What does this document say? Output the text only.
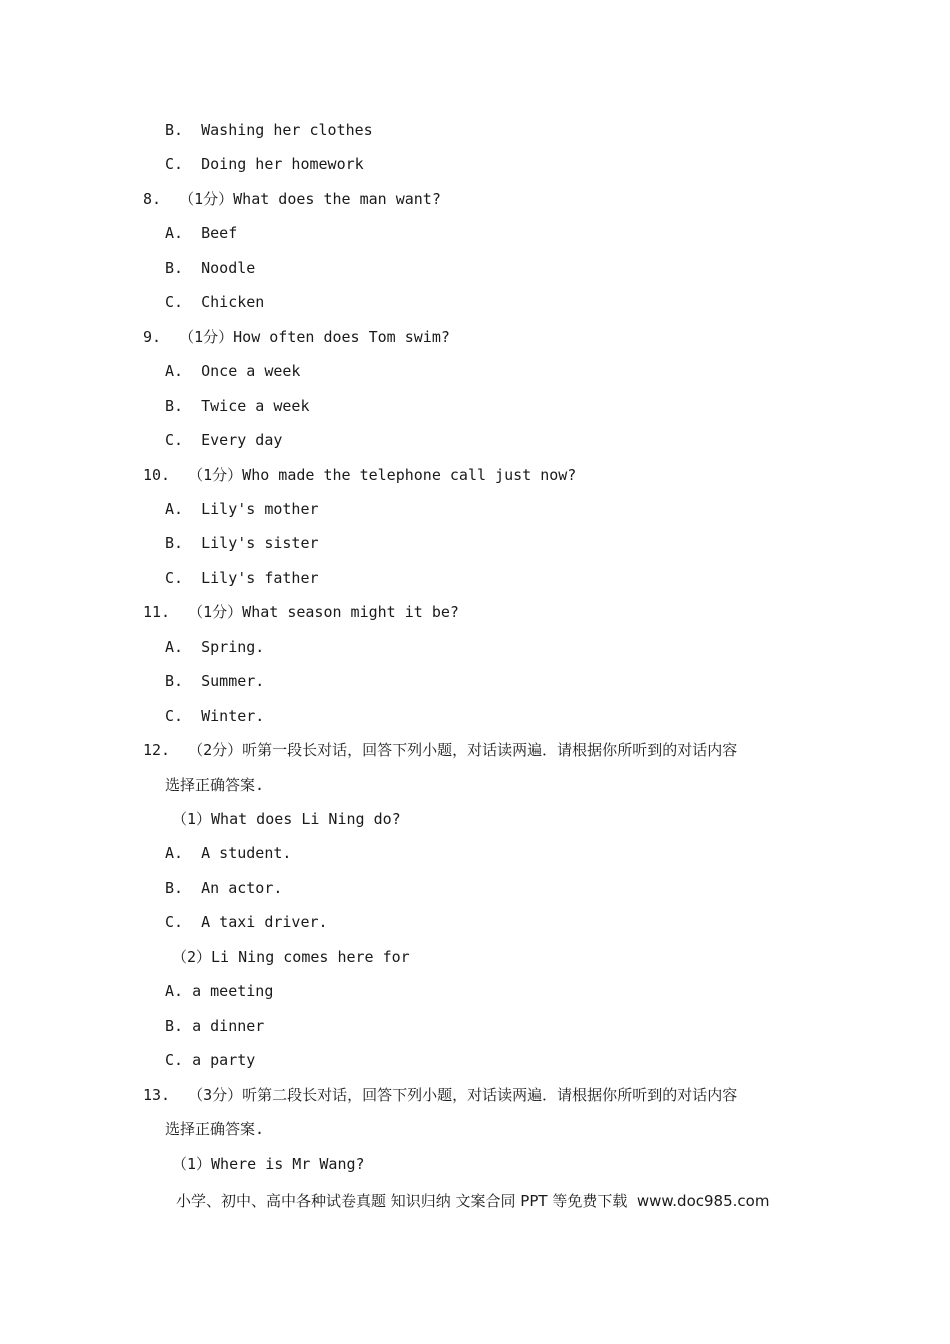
B.  Washing her clothes
C.  Doing her homework
8.  （1分）What does the man want?
A.  Beef
B.  Noodle
C.  Chicken
9.  （1分）How often does Tom swim?
A.  Once a week
B.  Twice a week
C.  Every day
10.  （1分）Who made the telephone call just now?
A.  Lily's mother
B.  Lily's sister
C.  Lily's father
11.  （1分）What season might it be?
A.  Spring.
B.  Summer.
C.  Winter.
12.  （2分）听第一段长对话，回答下列小题，对话读两遍．请根据你所听到的对话内容
选择正确答案.
（1）What does Li Ning do?
A.  A student.
B.  An actor.
C.  A taxi driver.
（2）Li Ning comes here for
A. a meeting
B. a dinner
C. a party
13.  （3分）听第二段长对话，回答下列小题，对话读两遍．请根据你所听到的对话内容
选择正确答案.
（1）Where is Mr Wang?
小学、初中、高中各种试卷真题 知识归纳 文案合同 PPT 等免费下载  www.doc985.com
